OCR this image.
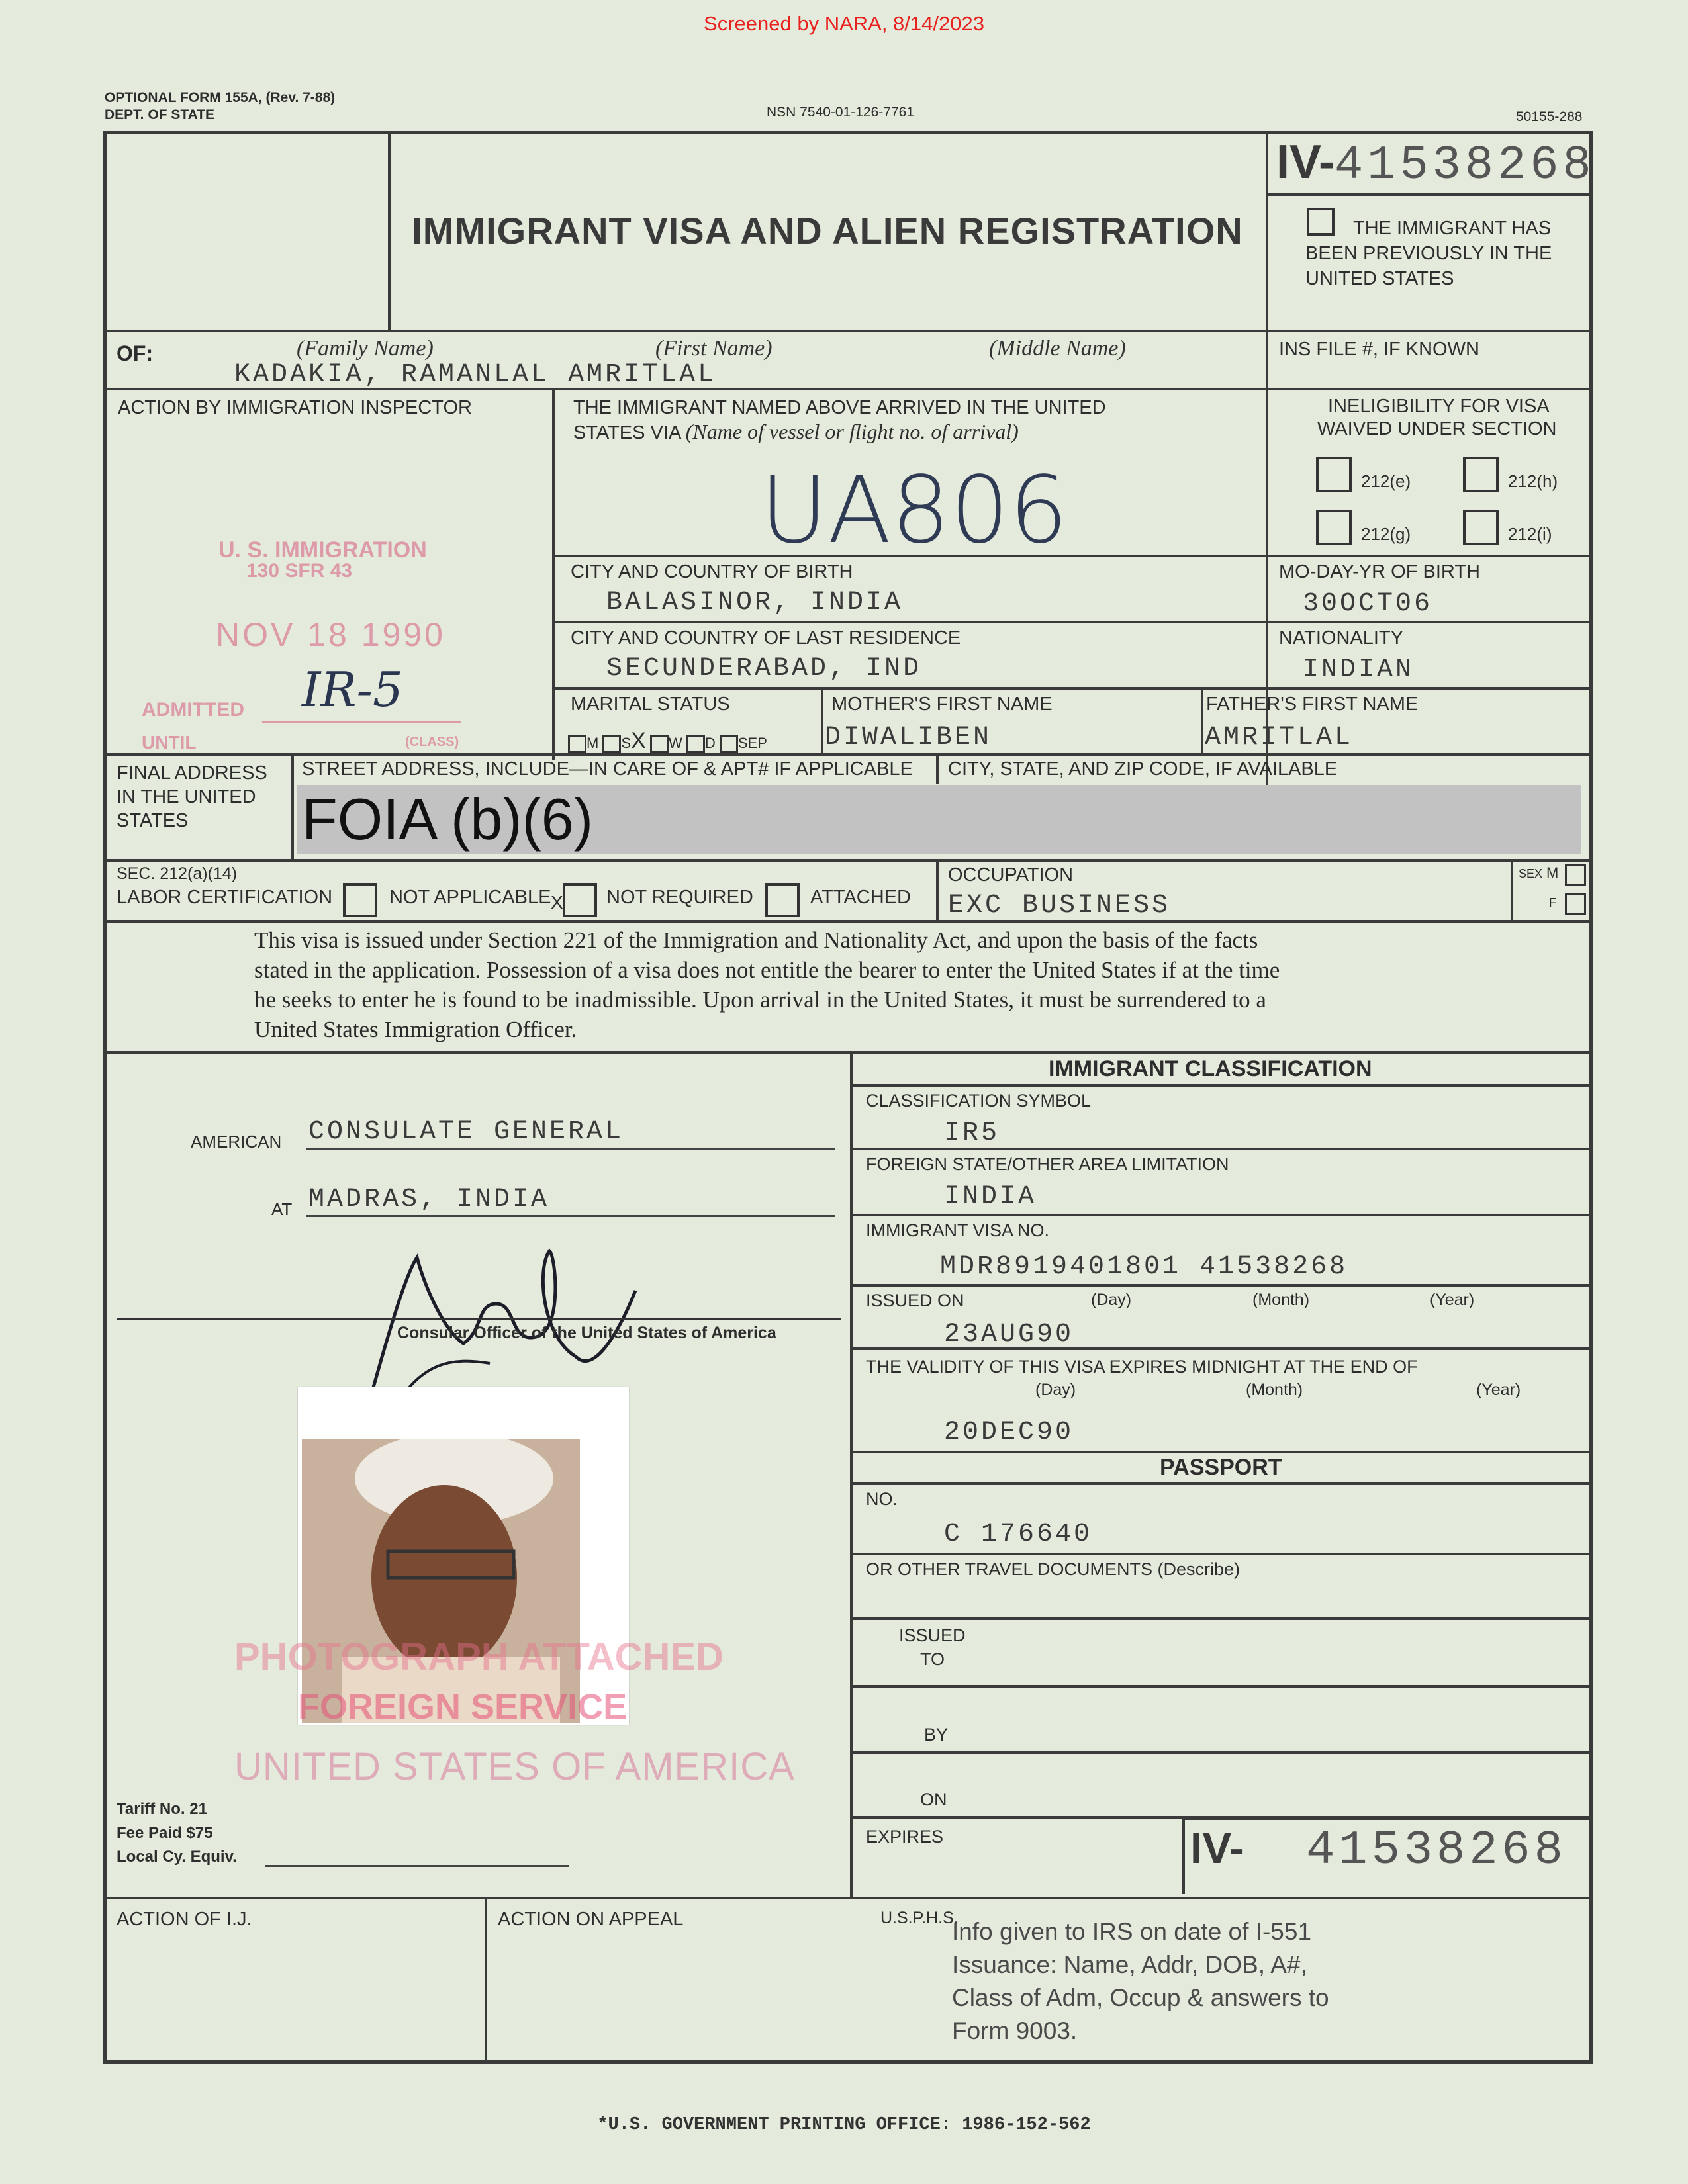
Screened by NARA, 8/14/2023
OPTIONAL FORM 155A, (Rev. 7-88)
DEPT. OF STATE	NSN 7540-01-126-7761	50155-288
IMMIGRANT VISA AND ALIEN REGISTRATION
IV-41538268
THE IMMIGRANT HAS BEEN PREVIOUSLY IN THE UNITED STATES
OF:	(Family Name)	(First Name)	(Middle Name)
KADAKIA, RAMANLAL AMRITLAL
INS FILE #, IF KNOWN
ACTION BY IMMIGRATION INSPECTOR
U. S. IMMIGRATION
130 SFR 43
NOV 18 1990
ADMITTED
UNTIL	(CLASS)
IR-5
THE IMMIGRANT NAMED ABOVE ARRIVED IN THE UNITED
STATES VIA (Name of vessel or flight no. of arrival)
UA806
INELIGIBILITY FOR VISA
WAIVED UNDER SECTION
212(e)	212(h)
212(g)	212(i)
CITY AND COUNTRY OF BIRTH
BALASINOR, INDIA
MO-DAY-YR OF BIRTH
30OCT06
CITY AND COUNTRY OF LAST RESIDENCE
SECUNDERABAD, IND
NATIONALITY
INDIAN
MARITAL STATUS
M SX W D SEP
MOTHER'S FIRST NAME
DIWALIBEN
FATHER'S FIRST NAME
AMRITLAL
FINAL ADDRESS
IN THE UNITED
STATES
STREET ADDRESS, INCLUDE—IN CARE OF & APT# IF APPLICABLE CITY, STATE, AND ZIP CODE, IF AVAILABLE
FOIA (b)(6)
SEC. 212(a)(14)
LABOR CERTIFICATION	NOT APPLICABLE X NOT REQUIRED	ATTACHED
OCCUPATION
EXC BUSINESS
SEX M
F
This visa is issued under Section 221 of the Immigration and Nationality Act, and upon the basis of the facts
stated in the application. Possession of a visa does not entitle the bearer to enter the United States if at the time
he seeks to enter he is found to be inadmissible. Upon arrival in the United States, it must be surrendered to a
United States Immigration Officer.
AMERICAN CONSULATE GENERAL
AT MADRAS, INDIA
Consular Officer of the United States of America
PHOTOGRAPH ATTACHED
FOREIGN SERVICE
UNITED STATES OF AMERICA
Tariff No. 21
Fee Paid $75
Local Cy. Equiv.
IMMIGRANT CLASSIFICATION
CLASSIFICATION SYMBOL
IR5
FOREIGN STATE/OTHER AREA LIMITATION
INDIA
IMMIGRANT VISA NO.
MDR8919401801 41538268
ISSUED ON	(Day)	(Month)	(Year)
23AUG90
THE VALIDITY OF THIS VISA EXPIRES MIDNIGHT AT THE END OF
(Day)	(Month)	(Year)
20DEC90
PASSPORT
NO.
C 176640
OR OTHER TRAVEL DOCUMENTS (Describe)
ISSUED
TO
BY
ON
EXPIRES	IV- 41538268
ACTION OF I.J.	ACTION ON APPEAL	U.S.P.H.S.
Info given to IRS on date of I-551
Issuance: Name, Addr, DOB, A#,
Class of Adm, Occup & answers to
Form 9003.
*U.S. GOVERNMENT PRINTING OFFICE: 1986-152-562
